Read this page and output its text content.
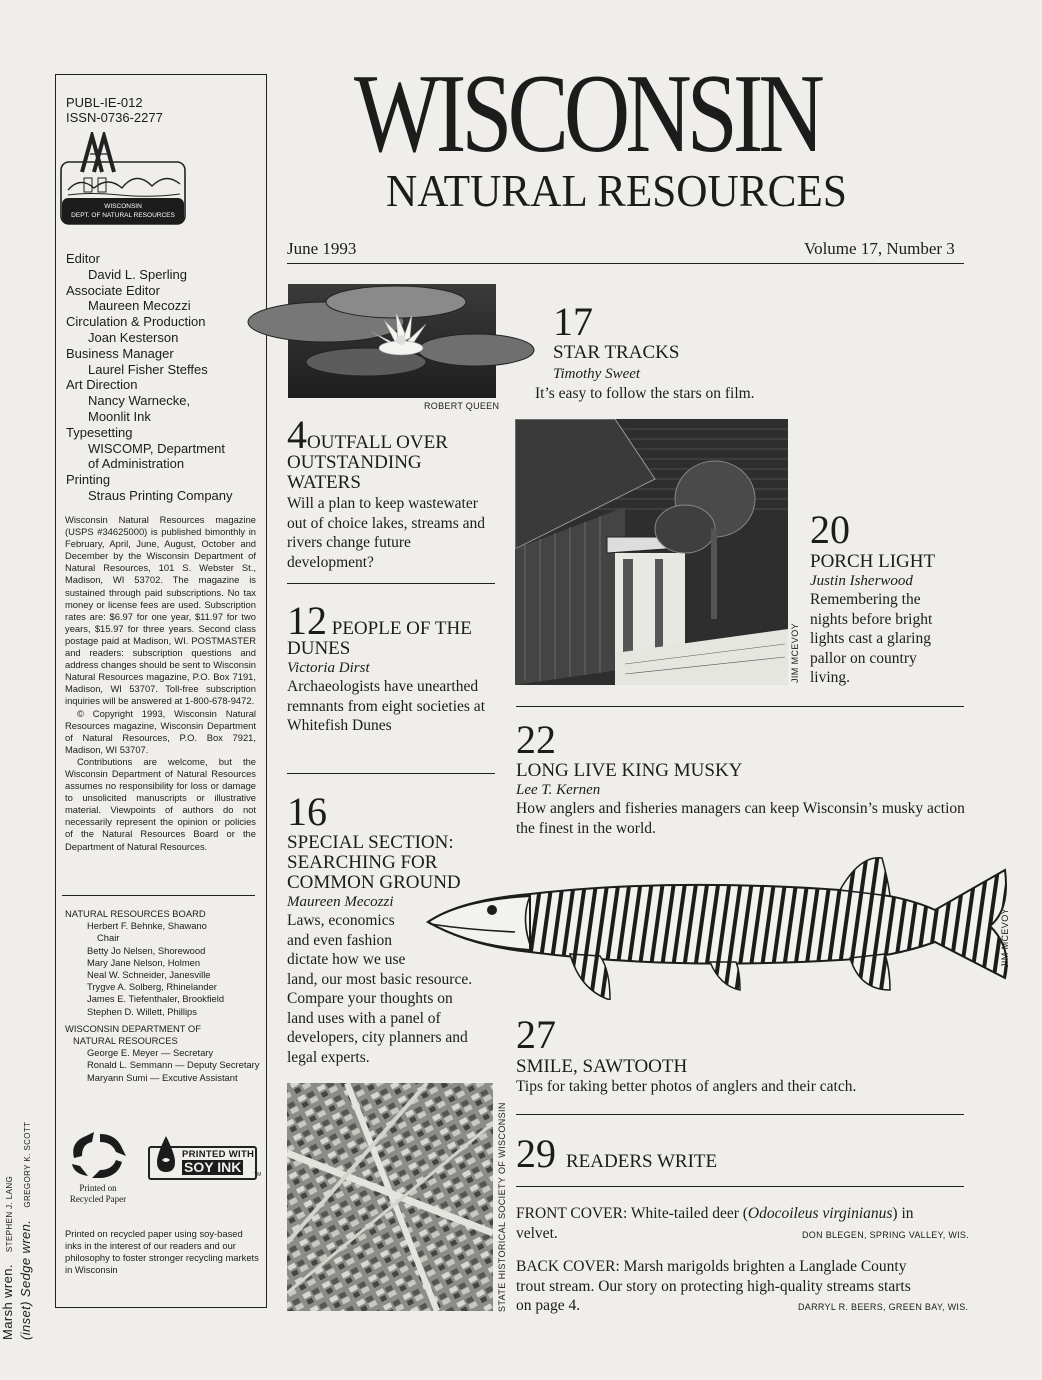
PUBL-IE-012
ISSN-0736-2277
WISCONSIN
DEPT. OF NATURAL RESOURCES
Editor
David L. Sperling
Associate Editor
Maureen Mecozzi
Circulation & Production
Joan Kesterson
Business Manager
Laurel Fisher Steffes
Art Direction
Nancy Warnecke,
Moonlit Ink
Typesetting
WISCOMP, Department
of Administration
Printing
Straus Printing Company

Wisconsin Natural Resources magazine (USPS #34625000) is published bimonthly in February, April, June, August, October and December by the Wisconsin Department of Natural Resources, 101 S. Webster St., Madison, WI 53702. The magazine is sustained through paid subscriptions. No tax money or license fees are used. Subscription rates are: $6.97 for one year, $11.97 for two years, $15.97 for three years. Second class postage paid at Madison, WI. POSTMASTER and readers: subscription questions and address changes should be sent to Wisconsin Natural Resources magazine, P.O. Box 7191, Madison, WI 53707. Toll-free subscription inquiries will be answered at 1-800-678-9472.

© Copyright 1993, Wisconsin Natural Resources magazine, Wisconsin Department of Natural Resources, P.O. Box 7921, Madison, WI 53707.

Contributions are welcome, but the Wisconsin Department of Natural Resources assumes no responsibility for loss or damage to unsolicited manuscripts or illustrative material. Viewpoints of authors do not necessarily represent the opinion or policies of the Natural Resources Board or the Department of Natural Resources.

NATURAL RESOURCES BOARD
Herbert F. Behnke, Shawano
Chair
Betty Jo Nelsen, Shorewood
Mary Jane Nelson, Holmen
Neal W. Schneider, Janesville
Trygve A. Solberg, Rhinelander
James E. Tiefenthaler, Brookfield
Stephen D. Willett, Phillips
WISCONSIN DEPARTMENT OF
NATURAL RESOURCES
George E. Meyer — Secretary
Ronald L. Semmann — Deputy Secretary
Maryann Sumi — Excutive Assistant
Printed on
Recycled Paper
PRINTED WITH
SOY INK	TM
Printed on recycled paper using soy-based inks in the interest of our readers and our philosophy to foster stronger recycling markets in Wisconsin
Marsh wren. STEPHEN J. LANG
(inset) Sedge wren. GREGORY K. SCOTT
WISCONSIN
NATURAL RESOURCES
June 1993	Volume 17, Number 3
ROBERT QUEEN
17
STAR TRACKS
Timothy Sweet
It’s easy to follow the stars on film.
4OUTFALL OVER
OUTSTANDING
WATERS
Will a plan to keep wastewater out of choice lakes, streams and rivers change future development?
12 PEOPLE OF THE
DUNES
Victoria Dirst
Archaeologists have unearthed remnants from eight societies at Whitefish Dunes
16
SPECIAL SECTION:
SEARCHING FOR
COMMON GROUND
Maureen Mecozzi
Laws, economics
and even fashion
dictate how we use
land, our most basic resource.
Compare your thoughts on
land uses with a panel of
developers, city planners and
legal experts.
STATE HISTORICAL SOCIETY OF WISCONSIN
JIM MCEVOY
20
PORCH LIGHT
Justin Isherwood
Remembering the
nights before bright
lights cast a glaring
pallor on country
living.
22
LONG LIVE KING MUSKY
Lee T. Kernen
How anglers and fisheries managers can keep Wisconsin’s musky action the finest in the world.
JIM MCEVOY
27
SMILE, SAWTOOTH
Tips for taking better photos of anglers and their catch.
29 READERS WRITE
FRONT COVER: White-tailed deer (Odocoileus virginianus) in
velvet.	DON BLEGEN, SPRING VALLEY, WIS.
BACK COVER: Marsh marigolds brighten a Langlade County
trout stream. Our story on protecting high-quality streams starts
on page 4.	DARRYL R. BEERS, GREEN BAY, WIS.
